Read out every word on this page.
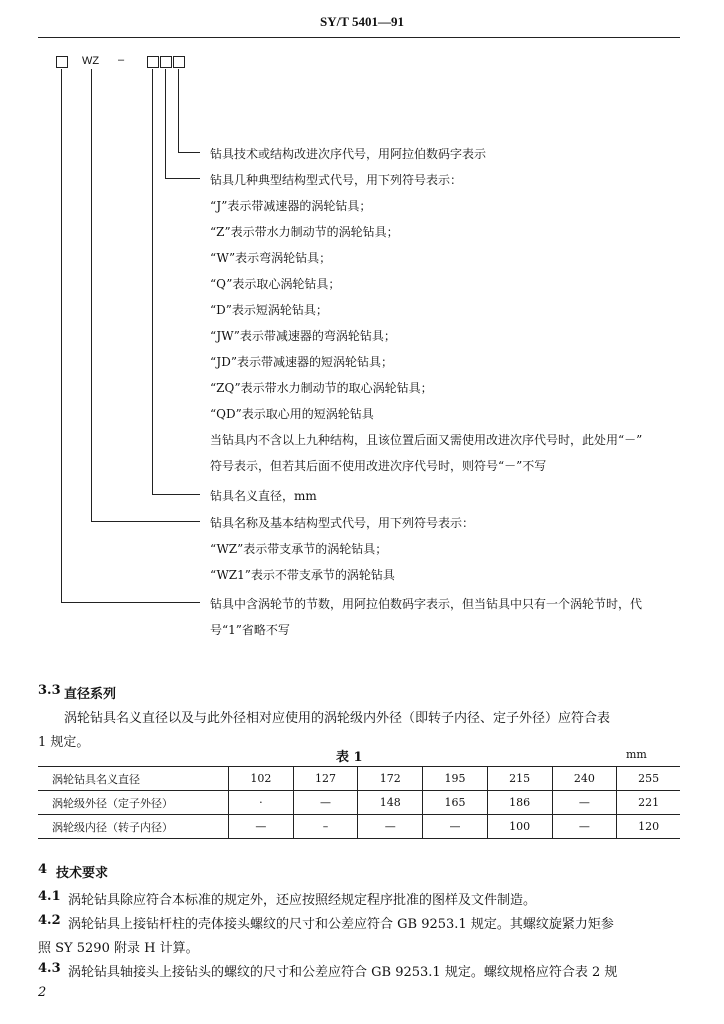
SY/T 5401—91
WZ –
钻具技术或结构改进次序代号，用阿拉伯数码字表示
钻具几种典型结构型式代号，用下列符号表示：
“J”表示带减速器的涡轮钻具；
“Z”表示带水力制动节的涡轮钻具；
“W”表示弯涡轮钻具；
“Q”表示取心涡轮钻具；
“D”表示短涡轮钻具；
“JW”表示带减速器的弯涡轮钻具；
“JD”表示带减速器的短涡轮钻具；
“ZQ”表示带水力制动节的取心涡轮钻具；
“QD”表示取心用的短涡轮钻具
当钻具内不含以上九种结构，且该位置后面又需使用改进次序代号时，此处用“－”
符号表示，但若其后面不使用改进次序代号时，则符号“－”不写
钻具名义直径，mm
钻具名称及基本结构型式代号，用下列符号表示：
“WZ”表示带支承节的涡轮钻具；
“WZ1”表示不带支承节的涡轮钻具
钻具中含涡轮节的节数，用阿拉伯数码字表示，但当钻具中只有一个涡轮节时，代
号“1”省略不写
3.3 直径系列
涡轮钻具名义直径以及与此外径相对应使用的涡轮级内外径（即转子内径、定子外径）应符合表
1 规定。
表 1	mm
涡轮钻具名义直径	102	127	172	195	215	240	255
涡轮级外径（定子外径）	·	—	148	165	186	—	221
涡轮级内径（转子内径）	—	–	—	—	100	—	120
4 技术要求
4.1 涡轮钻具除应符合本标准的规定外，还应按照经规定程序批准的图样及文件制造。
4.2 涡轮钻具上接钻杆柱的壳体接头螺纹的尺寸和公差应符合 GB 9253.1 规定。其螺纹旋紧力矩参
照 SY 5290 附录 H 计算。
4.3 涡轮钻具轴接头上接钻头的螺纹的尺寸和公差应符合 GB 9253.1 规定。螺纹规格应符合表 2 规
2
